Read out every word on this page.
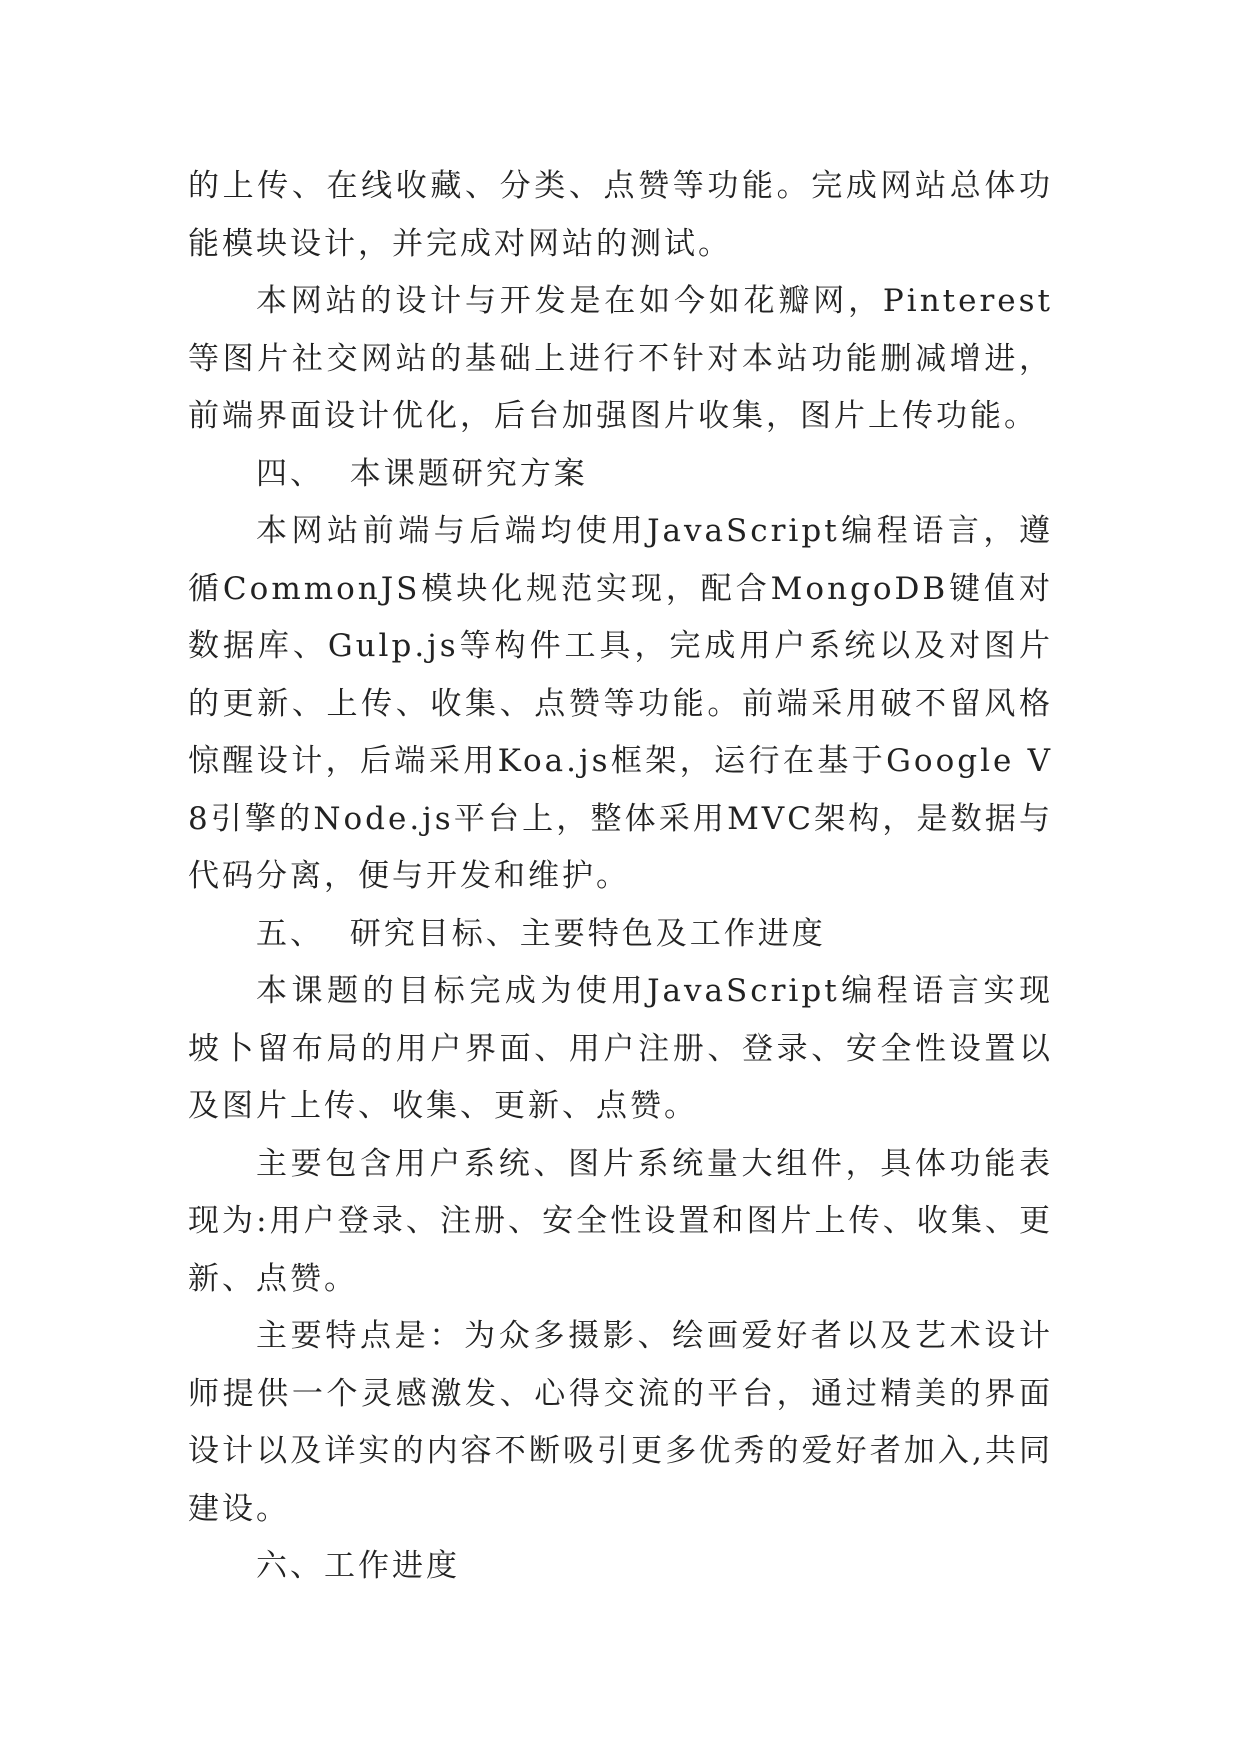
的上传、在线收藏、分类、点赞等功能。完成网站总体功能模块设计，并完成对网站的测试。

本网站的设计与开发是在如今如花瓣网，Pinterest等图片社交网站的基础上进行不针对本站功能删减增进，前端界面设计优化，后台加强图片收集，图片上传功能。

四、  本课题研究方案

本网站前端与后端均使用JavaScript编程语言，遵循CommonJS模块化规范实现，配合MongoDB键值对数据库、Gulp.js等构件工具，完成用户系统以及对图片的更新、上传、收集、点赞等功能。前端采用破不留风格惊醒设计，后端采用Koa.js框架，运行在基于Google V8引擎的Node.js平台上，整体采用MVC架构，是数据与代码分离，便与开发和维护。

五、  研究目标、主要特色及工作进度

本课题的目标完成为使用JavaScript编程语言实现坡卜留布局的用户界面、用户注册、登录、安全性设置以及图片上传、收集、更新、点赞。

主要包含用户系统、图片系统量大组件，具体功能表现为:用户登录、注册、安全性设置和图片上传、收集、更新、点赞。

主要特点是：为众多摄影、绘画爱好者以及艺术设计师提供一个灵感激发、心得交流的平台，通过精美的界面设计以及详实的内容不断吸引更多优秀的爱好者加入,共同建设。

六、工作进度
